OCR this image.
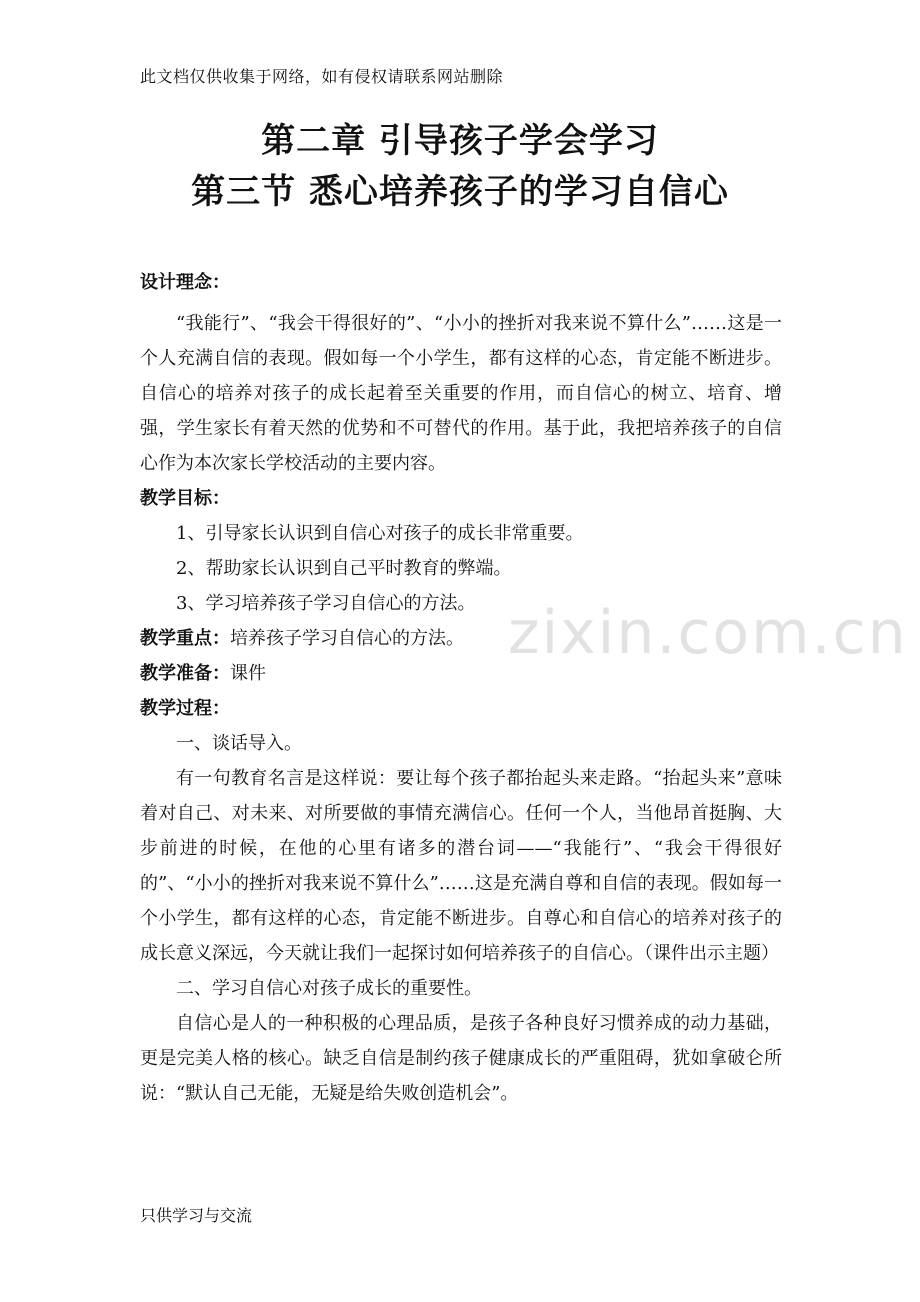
此文档仅供收集于网络，如有侵权请联系网站删除
第二章 引导孩子学会学习
第三节 悉心培养孩子的学习自信心
设计理念：

“我能行”、“我会干得很好的”、“小小的挫折对我来说不算什么”……这是一个人充满自信的表现。假如每一个小学生，都有这样的心态，肯定能不断进步。自信心的培养对孩子的成长起着至关重要的作用，而自信心的树立、培育、增强，学生家长有着天然的优势和不可替代的作用。基于此，我把培养孩子的自信心作为本次家长学校活动的主要内容。

教学目标：

1、引导家长认识到自信心对孩子的成长非常重要。

2、帮助家长认识到自己平时教育的弊端。

3、学习培养孩子学习自信心的方法。

教学重点：培养孩子学习自信心的方法。

教学准备：课件

教学过程：

一、谈话导入。

有一句教育名言是这样说：要让每个孩子都抬起头来走路。“抬起头来”意味着对自己、对未来、对所要做的事情充满信心。任何一个人，当他昂首挺胸、大步前进的时候，在他的心里有诸多的潜台词——“我能行”、“我会干得很好的”、“小小的挫折对我来说不算什么”……这是充满自尊和自信的表现。假如每一个小学生，都有这样的心态，肯定能不断进步。自尊心和自信心的培养对孩子的成长意义深远，今天就让我们一起探讨如何培养孩子的自信心。（课件出示主题）

二、学习自信心对孩子成长的重要性。

自信心是人的一种积极的心理品质，是孩子各种良好习惯养成的动力基础，更是完美人格的核心。缺乏自信是制约孩子健康成长的严重阻碍，犹如拿破仑所说：“默认自己无能，无疑是给失败创造机会”。

zixin.com.cn
只供学习与交流
